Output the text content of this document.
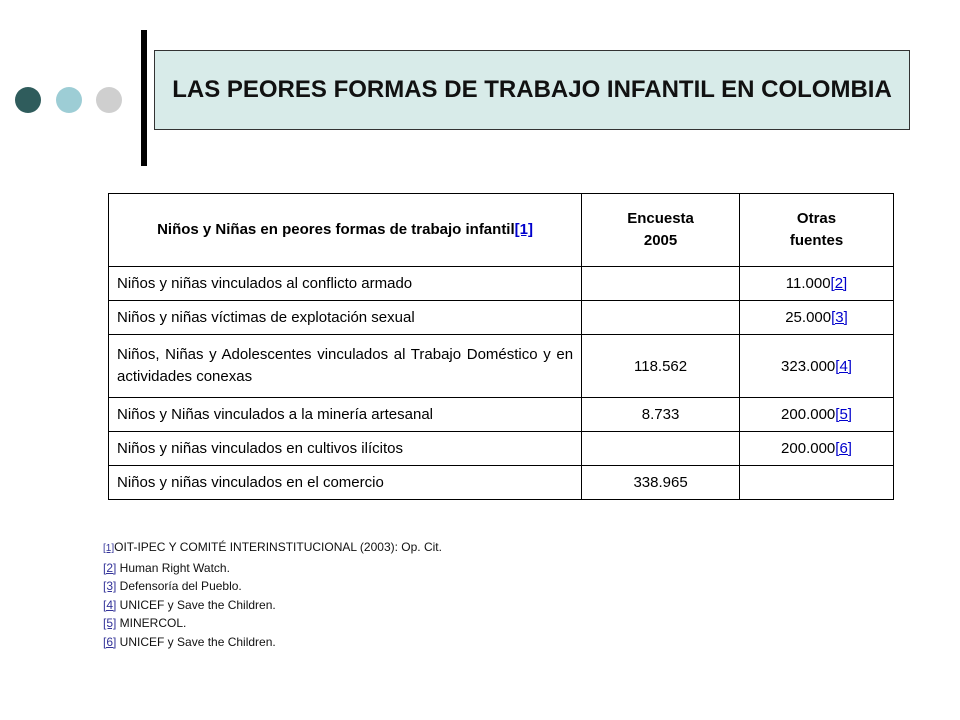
LAS PEORES FORMAS DE TRABAJO INFANTIL EN COLOMBIA
Niños y Niñas en peores formas de trabajo infantil[1]	Encuesta 2005	Otras fuentes
Niños y niñas vinculados al conflicto armado		11.000[2]
Niños y niñas víctimas de explotación sexual		25.000[3]
Niños, Niñas y Adolescentes vinculados al Trabajo Doméstico y en actividades conexas	118.562	323.000[4]
Niños y Niñas vinculados a la minería artesanal	8.733	200.000[5]
Niños y niñas vinculados en cultivos ilícitos		200.000[6]
Niños y niñas vinculados en el comercio	338.965	
[1]OIT-IPEC Y COMITÉ INTERINSTITUCIONAL (2003): Op. Cit.
[2] Human Right Watch.
[3] Defensoría del Pueblo.
[4] UNICEF y Save the Children.
[5] MINERCOL.
[6] UNICEF y Save the Children.
